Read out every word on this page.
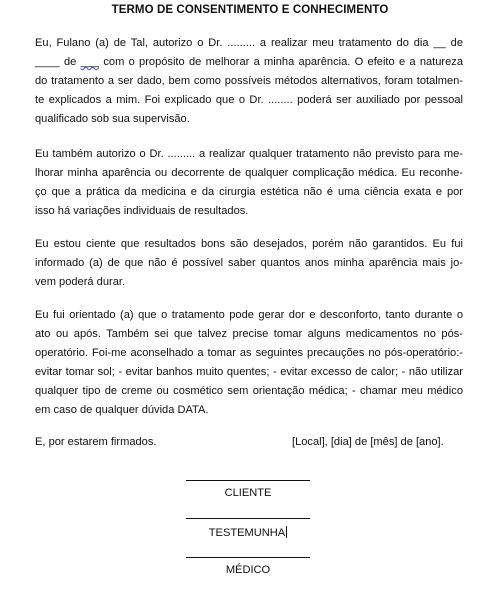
TERMO DE CONSENTIMENTO E CONHECIMENTO
Eu, Fulano (a) de Tal, autorizo o Dr. ......... a realizar meu tratamento do dia __ de
____ de ___ com o propósito de melhorar a minha aparência. O efeito e a natureza
do tratamento a ser dado, bem como possíveis métodos alternativos, foram totalmen-
te explicados a mim. Foi explicado que o Dr. ........ poderá ser auxiliado por pessoal
qualificado sob sua supervisão.
Eu também autorizo o Dr. ......... a realizar qualquer tratamento não previsto para me-
lhorar minha aparência ou decorrente de qualquer complicação médica. Eu reconhe-
ço que a prática da medicina e da cirurgia estética não é uma ciência exata e por
isso há variações individuais de resultados.
Eu estou ciente que resultados bons são desejados, porém não garantidos. Eu fui
informado (a) de que não é possível saber quantos anos minha aparência mais jo-
vem poderá durar.
Eu fui orientado (a) que o tratamento pode gerar dor e desconforto, tanto durante o
ato ou após. Também sei que talvez precise tomar alguns medicamentos no pós-
operatório. Foi-me aconselhado a tomar as seguintes precauções no pós-operatório:-
evitar tomar sol; - evitar banhos muito quentes; - evitar excesso de calor; - não utilizar
qualquer tipo de creme ou cosmético sem orientação médica; - chamar meu médico
em caso de qualquer dúvida DATA.
E, por estarem firmados.	[Local], [dia] de [mês] de [ano].
CLIENTE
TESTEMUNHA
MÉDICO
